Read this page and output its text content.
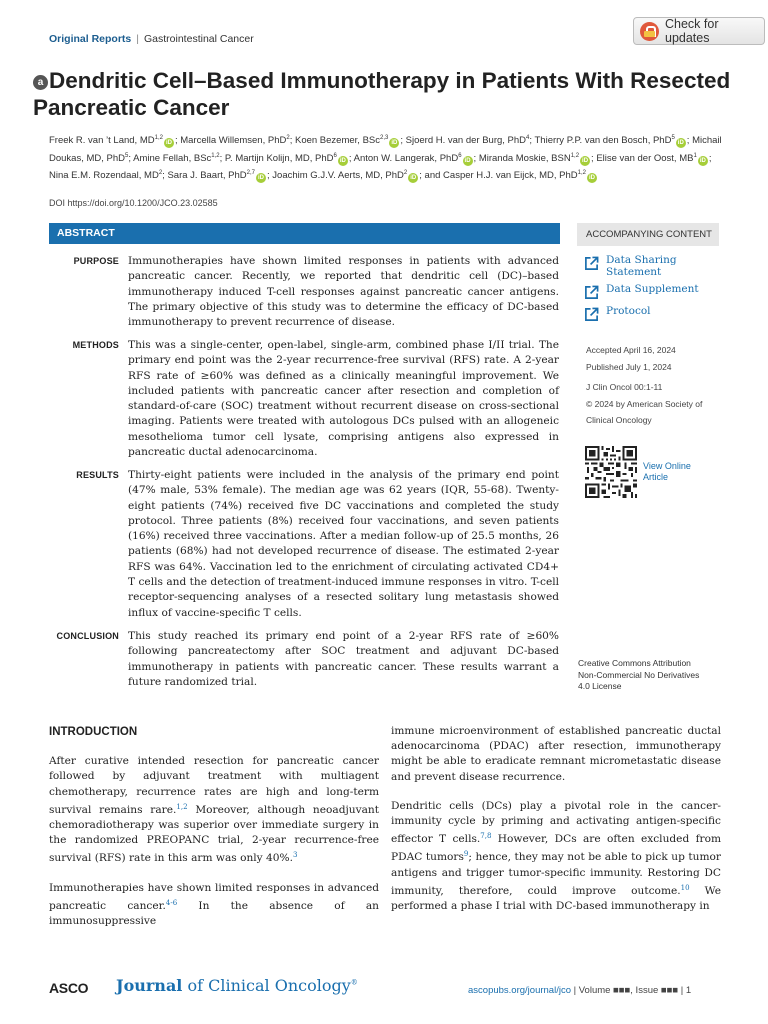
Original Reports | Gastrointestinal Cancer
Check for updates
a Dendritic Cell–Based Immunotherapy in Patients With Resected Pancreatic Cancer
Freek R. van ’t Land, MD$^{1,2}$iD ; Marcella Willemsen, PhD$^2$; Koen Bezemer, BSc$^{2,3}$iD ; Sjoerd H. van der Burg, PhD$^4$; Thierry P.P. van den Bosch, PhD$^5$iD ; Michail Doukas, MD, PhD$^5$; Amine Fellah, BSc$^{1,2}$; P. Martijn Kolijn, MD, PhD$^6$iD ; Anton W. Langerak, PhD$^6$iD ; Miranda Moskie, BSN$^{1,2}$iD ; Elise van der Oost, $MB^1iD$ ; Nina E.M. Rozendaal, $MD^2$; Sara J. Baart, PhD$^{2,7}$iD ; Joachim G.J.V. Aerts, MD, PhD$^2$iD ; and Casper H.J. van Eijck, MD, PhD$^{1,2}$iD
DOI https://doi.org/10.1200/JCO.23.02585
ABSTRACT	ACCOMPANYING CONTENT
PURPOSE Immunotherapies have shown limited responses in patients with advanced pancreatic cancer. Recently, we reported that dendritic cell (DC)–based immunotherapy induced T-cell responses against pancreatic cancer antigens. The primary objective of this study was to determine the efficacy of DC-based immunotherapy to prevent recurrence of disease.
METHODS This was a single-center, open-label, single-arm, combined phase I/II trial. The primary end point was the 2-year recurrence-free survival (RFS) rate. A 2-year RFS rate of ≥60% was defined as a clinically meaningful improvement. We included patients with pancreatic cancer after resection and completion of standard-of-care (SOC) treatment without recurrent disease on cross-sectional imaging. Patients were treated with autologous DCs pulsed with an allogeneic mesothelioma tumor cell lysate, comprising antigens also expressed in pancreatic ductal adenocarcinoma.
RESULTS Thirty-eight patients were included in the analysis of the primary end point (47% male, 53% female). The median age was 62 years (IQR, 55-68). Twenty-eight patients (74%) received five DC vaccinations and completed the study protocol. Three patients (8%) received four vaccinations, and seven patients (16%) received three vaccinations. After a median follow-up of 25.5 months, 26 patients (68%) had not developed recurrence of disease. The estimated 2-year RFS was 64%. Vaccination led to the enrichment of circulating activated CD4+ T cells and the detection of treatment-induced immune responses in vitro. T-cell receptor-sequencing analyses of a resected solitary lung metastasis showed influx of vaccine-specific T cells.
CONCLUSION This study reached its primary end point of a 2-year RFS rate of ≥60% following pancreatectomy after SOC treatment and adjuvant DC-based immunotherapy in patients with pancreatic cancer. These results warrant a future randomized trial.
Data Sharing Statement
Data Supplement
Protocol
Accepted April 16, 2024
Published July 1, 2024
J Clin Oncol 00:1-11
© 2024 by American Society of
Clinical Oncology
View Online
Article
Creative Commons Attribution
Non-Commercial No Derivatives
4.0 License
INTRODUCTION

After curative intended resection for pancreatic cancer followed by adjuvant treatment with multiagent chemotherapy, recurrence rates are high and long-term survival remains rare.$^{1,2}$ Moreover, although neoadjuvant chemoradiotherapy was superior over immediate surgery in the randomized PREOPANC trial, 2-year recurrence-free survival (RFS) rate in this arm was only 40%.$^3$

Immunotherapies have shown limited responses in advanced pancreatic cancer.$^{4-6}$ In the absence of an immunosuppressive

immune microenvironment of established pancreatic ductal adenocarcinoma (PDAC) after resection, immunotherapy might be able to eradicate remnant micrometastatic disease and prevent disease recurrence.

Dendritic cells (DCs) play a pivotal role in the cancer-immunity cycle by priming and activating antigen-specific effector T cells.$^{7,8}$ However, DCs are often excluded from PDAC tumors$^9$; hence, they may not be able to pick up tumor antigens and trigger tumor-specific immunity. Restoring DC immunity, therefore, could improve outcome.$^{10}$ We performed a phase I trial with DC-based immunotherapy in

ASCO Journal of Clinical Oncology®
ascopubs.org/journal/jco | Volume ■■■, Issue ■■■ | 1
